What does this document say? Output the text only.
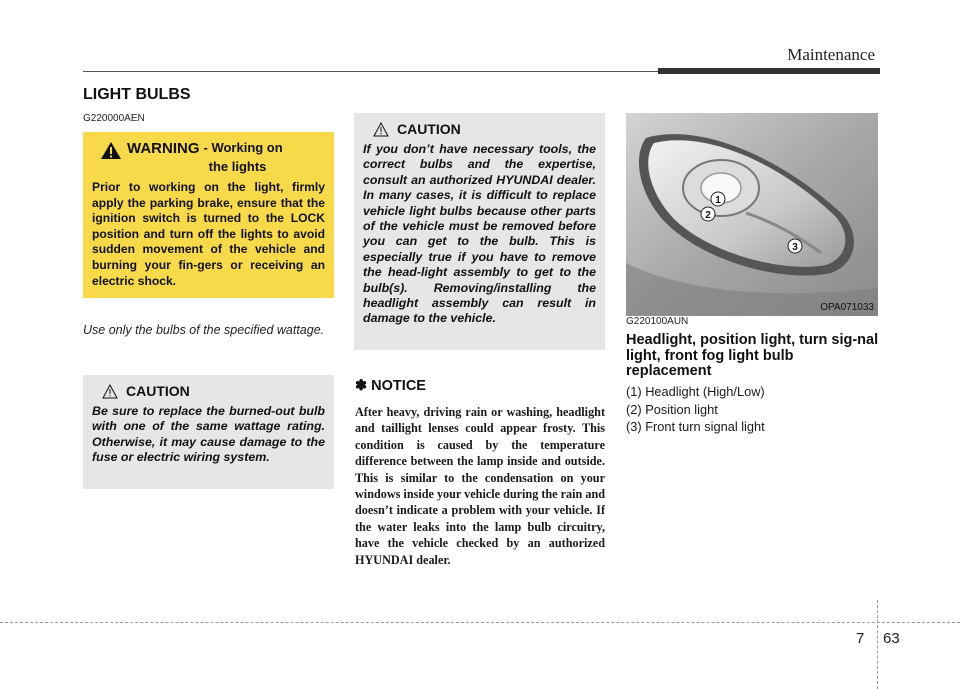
Maintenance
LIGHT BULBS
G220000AEN
WARNING - Working on
the lights
Prior to working on the light, firmly apply the parking brake, ensure that the ignition switch is turned to the LOCK position and turn off the lights to avoid sudden movement of the vehicle and burning your fin-gers or receiving an electric shock.
Use only the bulbs of the specified wattage.
CAUTION
Be sure to replace the burned-out bulb with one of the same wattage rating. Otherwise, it may cause damage to the fuse or electric wiring system.
CAUTION
If you don’t have necessary tools, the correct bulbs and the expertise, consult an authorized HYUNDAI dealer. In many cases, it is difficult to replace vehicle light bulbs because other parts of the vehicle must be removed before you can get to the bulb. This is especially true if you have to remove the head-light assembly to get to the bulb(s). Removing/installing the headlight assembly can result in damage to the vehicle.
✽ NOTICE
After heavy, driving rain or washing, headlight and taillight lenses could appear frosty. This condition is caused by the temperature difference between the lamp inside and outside. This is similar to the condensation on your windows inside your vehicle during the rain and doesn’t indicate a problem with your vehicle. If the water leaks into the lamp bulb circuitry, have the vehicle checked by an authorized HYUNDAI dealer.
1
2
3
OPA071033
G220100AUN
Headlight, position light, turn sig-nal light, front fog light bulb replacement
(1) Headlight (High/Low)
(2) Position light
(3) Front turn signal light
7 63
